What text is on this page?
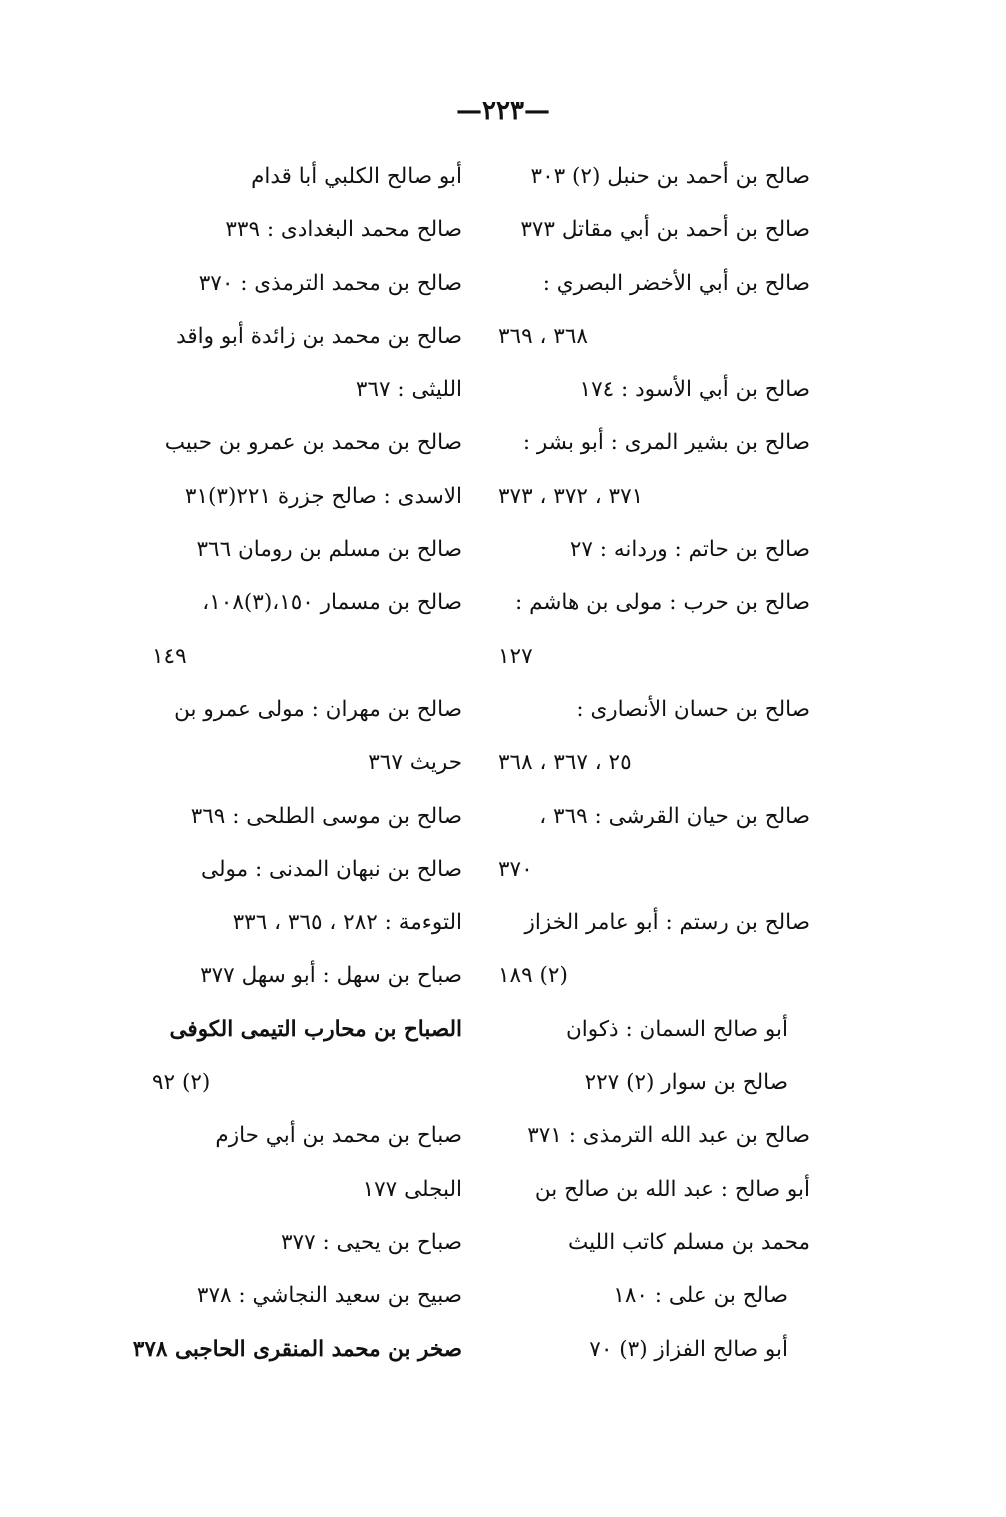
—٢٢٣—
صالح بن أحمد بن حنبل (٢) ٣٠٣
صالح بن أحمد بن أبي مقاتل ٣٧٣
صالح بن أبي الأخضر البصري :
٣٦٨ ، ٣٦٩
صالح بن أبي الأسود : ١٧٤
صالح بن بشير المرى : أبو بشر :
٣٧١ ، ٣٧٢ ، ٣٧٣
صالح بن حاتم : وردانه : ٢٧
صالح بن حرب : مولى بن هاشم :
١٢٧
صالح بن حسان الأنصارى :
٢٥ ، ٣٦٧ ، ٣٦٨
صالح بن حيان القرشى : ٣٦٩ ،
٣٧٠
صالح بن رستم : أبو عامر الخزاز
(٢) ١٨٩
أبو صالح السمان : ذكوان
صالح بن سوار (٢) ٢٢٧
صالح بن عبد الله الترمذى : ٣٧١
أبو صالح : عبد الله بن صالح بن
محمد بن مسلم كاتب الليث
صالح بن على : ١٨٠
أبو صالح الفزاز (٣) ٧٠
أبو صالح الكلبي أبا قدام
صالح محمد البغدادى : ٣٣٩
صالح بن محمد الترمذى : ٣٧٠
صالح بن محمد بن زائدة أبو واقد
الليثى : ٣٦٧
صالح بن محمد بن عمرو بن حبيب
الاسدى : صالح جزرة ٢٢١(٣)٣١
صالح بن مسلم بن رومان ٣٦٦
صالح بن مسمار ١٥٠،(٣)١٠٨،
١٤٩
صالح بن مهران : مولى عمرو بن
حريث ٣٦٧
صالح بن موسى الطلحى : ٣٦٩
صالح بن نبهان المدنى : مولى
التوءمة : ٢٨٢ ، ٣٦٥ ، ٣٣٦
صباح بن سهل : أبو سهل ٣٧٧
الصباح بن محارب التيمى الكوفى
(٢) ٩٢
صباح بن محمد بن أبي حازم
البجلى ١٧٧
صباح بن يحيى : ٣٧٧
صبيح بن سعيد النجاشي : ٣٧٨
صخر بن محمد المنقرى الحاجبى ٣٧٨
